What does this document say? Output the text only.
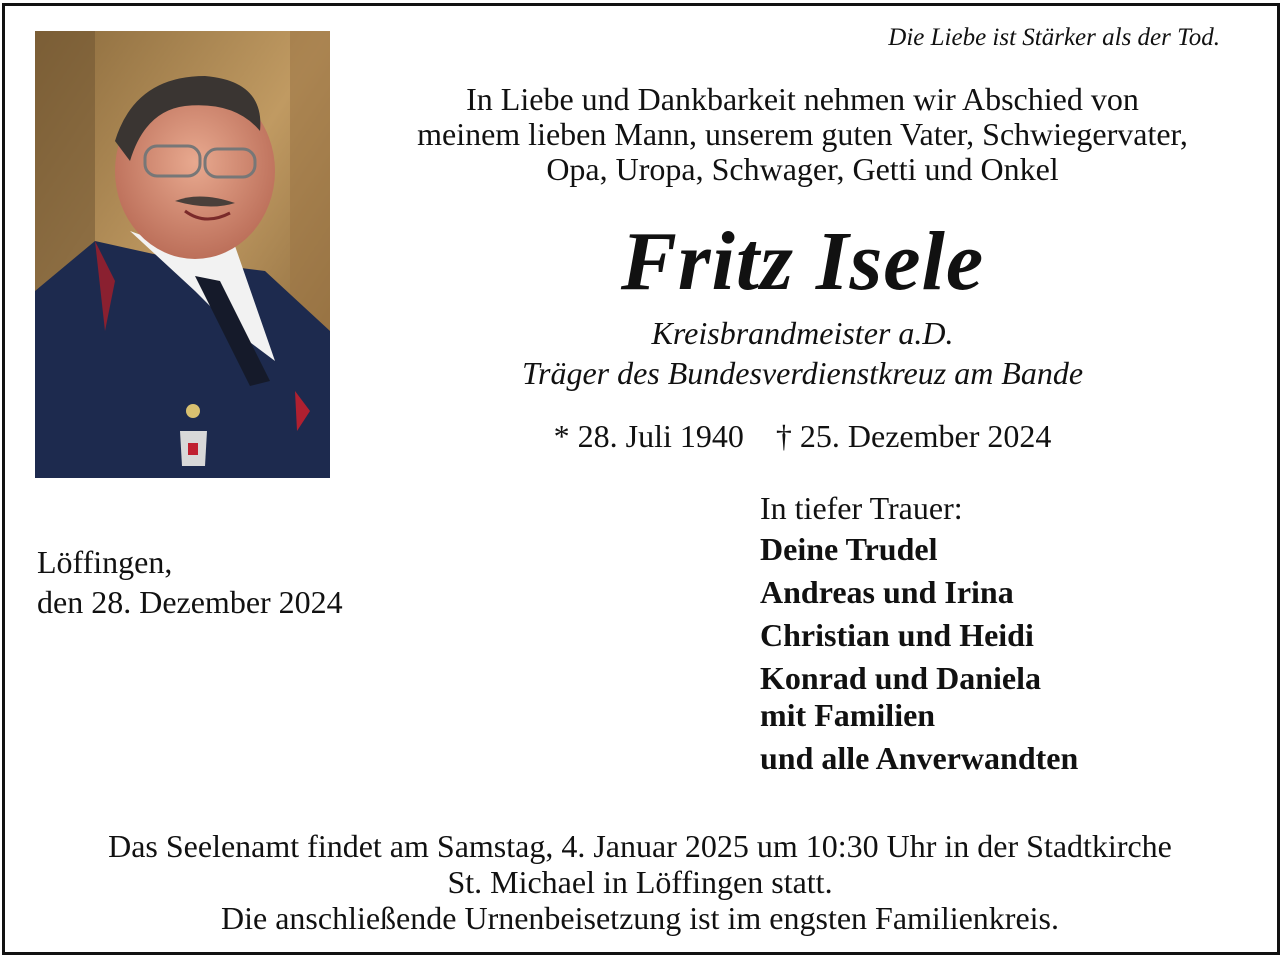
Die Liebe ist Stärker als der Tod.
In Liebe und Dankbarkeit nehmen wir Abschied von
meinem lieben Mann, unserem guten Vater, Schwiegervater,
Opa, Uropa, Schwager, Getti und Onkel
Fritz Isele
Kreisbrandmeister a.D.
Träger des Bundesverdienstkreuz am Bande
* 28. Juli 1940 † 25. Dezember 2024
Löffingen,
den 28. Dezember 2024
In tiefer Trauer:
Deine Trudel
Andreas und Irina
Christian und Heidi
Konrad und Daniela
mit Familien
und alle Anverwandten
Das Seelenamt findet am Samstag, 4. Januar 2025 um 10:30 Uhr in der Stadtkirche
St. Michael in Löffingen statt.
Die anschließende Urnenbeisetzung ist im engsten Familienkreis.
